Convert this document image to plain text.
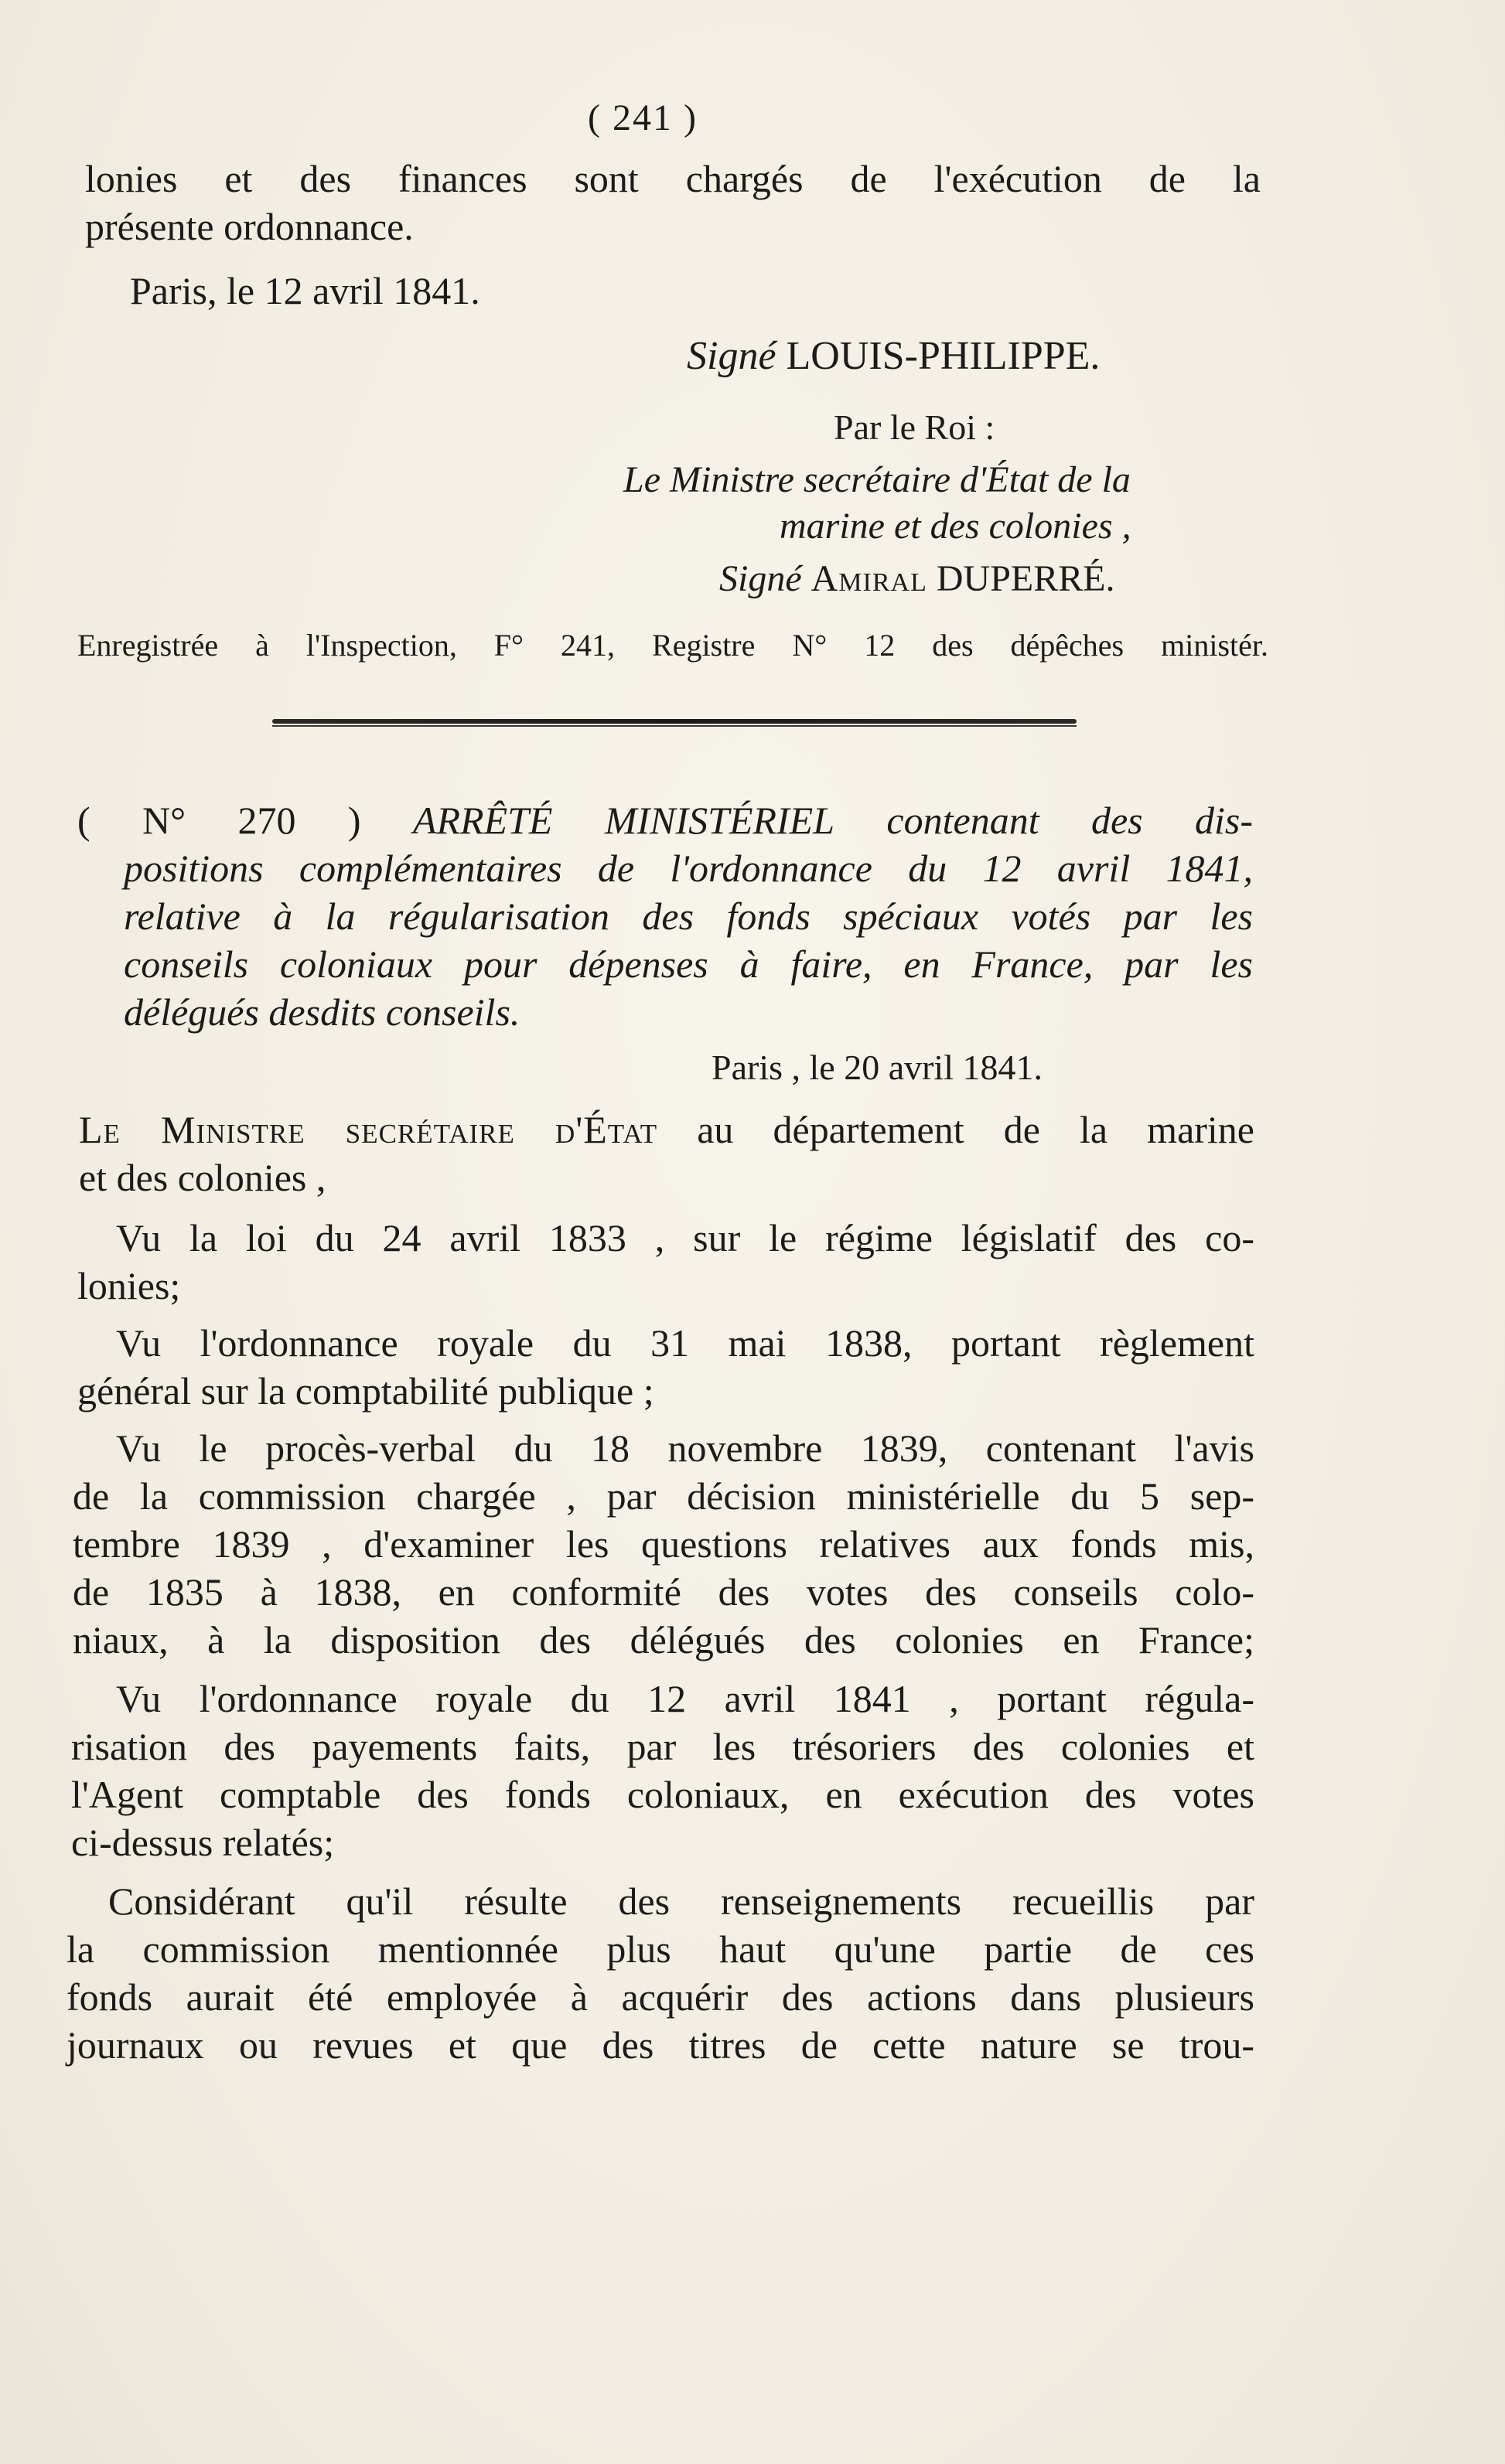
( 241 )
lonies et des finances sont chargés de l'exécution de la
présente ordonnance.
Paris, le 12 avril 1841.
Signé LOUIS-PHILIPPE.
Par le Roi :
Le Ministre secrétaire d'État de la
marine et des colonies ,
Signé Amiral DUPERRÉ.
Enregistrée à l'Inspection, F° 241, Registre N° 12 des dépêches ministér.
( N° 270 ) ARRÊTÉ MINISTÉRIEL contenant des dis-
positions complémentaires de l'ordonnance du 12 avril 1841,
relative à la régularisation des fonds spéciaux votés par les
conseils coloniaux pour dépenses à faire, en France, par les
délégués desdits conseils.
Paris , le 20 avril 1841.
Le Ministre secrétaire d'État au département de la marine
et des colonies ,
Vu la loi du 24 avril 1833 , sur le régime législatif des co-
lonies;
Vu l'ordonnance royale du 31 mai 1838, portant règlement
général sur la comptabilité publique ;
Vu le procès-verbal du 18 novembre 1839, contenant l'avis
de la commission chargée , par décision ministérielle du 5 sep-
tembre 1839 , d'examiner les questions relatives aux fonds mis,
de 1835 à 1838, en conformité des votes des conseils colo-
niaux, à la disposition des délégués des colonies en France;
Vu l'ordonnance royale du 12 avril 1841 , portant régula-
risation des payements faits, par les trésoriers des colonies et
l'Agent comptable des fonds coloniaux, en exécution des votes
ci-dessus relatés;
Considérant qu'il résulte des renseignements recueillis par
la commission mentionnée plus haut qu'une partie de ces
fonds aurait été employée à acquérir des actions dans plusieurs
journaux ou revues et que des titres de cette nature se trou-
